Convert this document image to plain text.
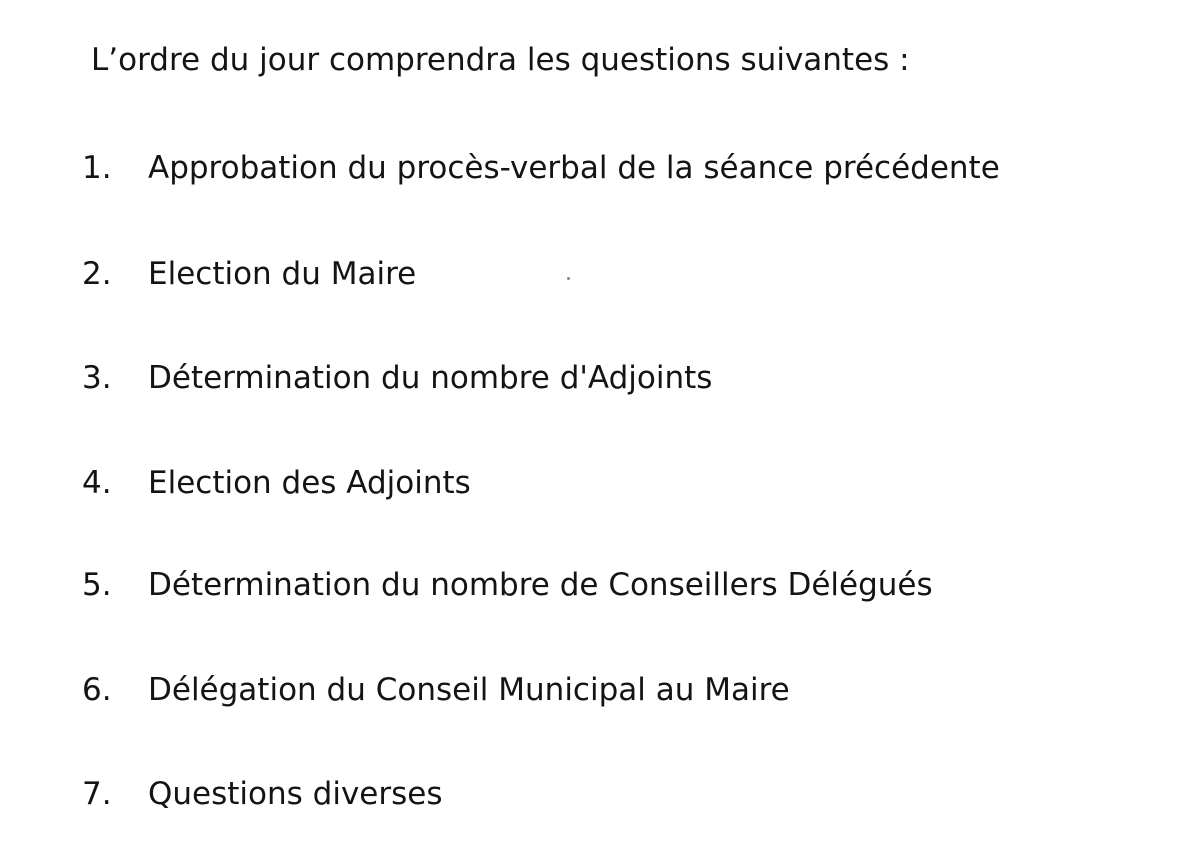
L’ordre du jour comprendra les questions suivantes :
1. Approbation du procès-verbal de la séance précédente
2. Election du Maire
3. Détermination du nombre d'Adjoints
4. Election des Adjoints
5. Détermination du nombre de Conseillers Délégués
6. Délégation du Conseil Municipal au Maire
7. Questions diverses
